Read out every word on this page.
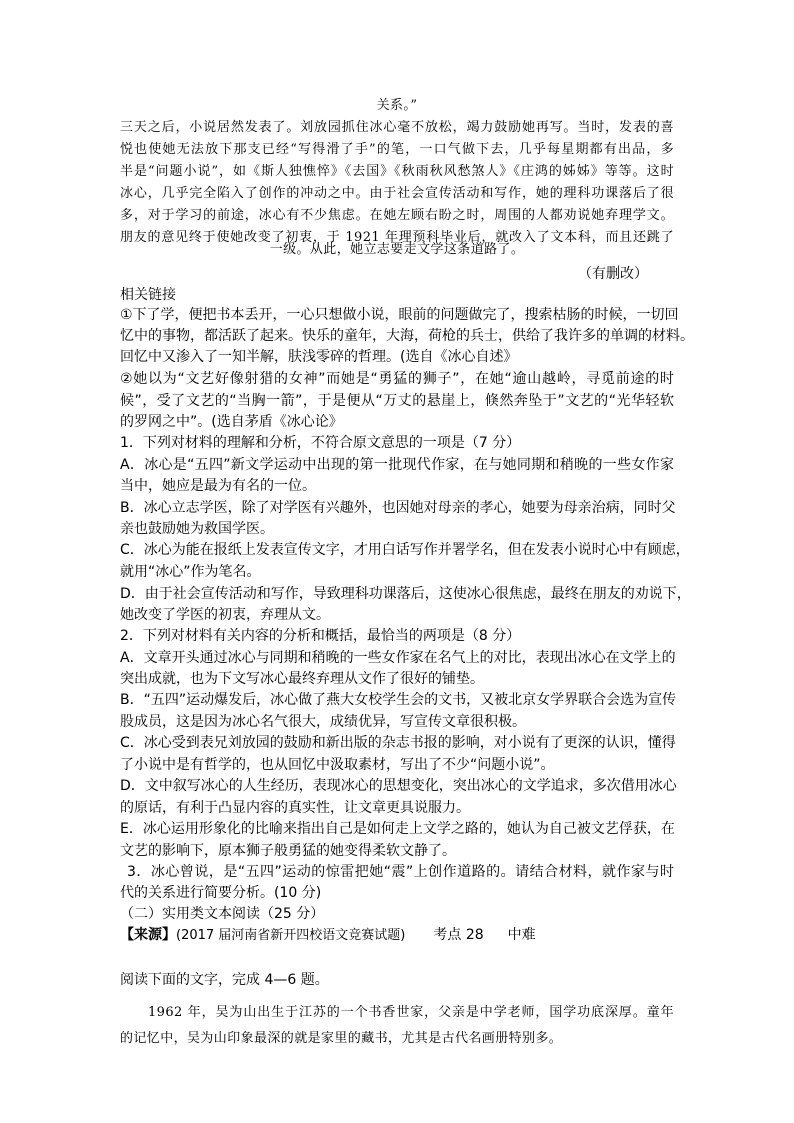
关系。”
三天之后，小说居然发表了。刘放园抓住冰心毫不放松，竭力鼓励她再写。当时，发表的喜
悦也使她无法放下那支已经“写得滑了手”的笔，一口气做下去，几乎每星期都有出品，多
半是“问题小说”，如《斯人独憔悴》《去国》《秋雨秋风愁煞人》《庄鸿的姊姊》等等。这时
冰心，几乎完全陷入了创作的冲动之中。由于社会宣传活动和写作，她的理科功课落后了很
多，对于学习的前途，冰心有不少焦虑。在她左顾右盼之时，周围的人都劝说她弃理学文。
朋友的意见终于使她改变了初衷，于 1921 年理预科毕业后，就改入了文本科，而且还跳了
一级。从此，她立志要走文学这条道路了。
（有删改）
相关链接
①下了学，便把书本丢开，一心只想做小说，眼前的问题做完了，搜索枯肠的时候，一切回
忆中的事物，都活跃了起来。快乐的童年，大海，荷枪的兵士，供给了我许多的单调的材料。
回忆中又渗入了一知半解，肤浅零碎的哲理。(选自《冰心自述》
②她以为“文艺好像射猎的女神”而她是“勇猛的狮子”，在她“逾山越岭，寻觅前途的时
候”，受了文艺的“当胸一箭”，于是便从“万丈的悬崖上，倏然奔坠于”文艺的“光华轻软
的罗网之中”。(选自茅盾《冰心论》
1．下列对材料的理解和分析，不符合原文意思的一项是（7 分）
A．冰心是“五四”新文学运动中出现的第一批现代作家，在与她同期和稍晚的一些女作家
当中，她应是最为有名的一位。
B．冰心立志学医，除了对学医有兴趣外，也因她对母亲的孝心，她要为母亲治病，同时父
亲也鼓励她为救国学医。
C．冰心为能在报纸上发表宣传文字，才用白话写作并署学名，但在发表小说时心中有顾虑，
就用“冰心”作为笔名。
D．由于社会宣传活动和写作，导致理科功课落后，这使冰心很焦虑，最终在朋友的劝说下，
她改变了学医的初衷，弃理从文。
2．下列对材料有关内容的分析和概括，最恰当的两项是（8 分）
A．文章开头通过冰心与同期和稍晚的一些女作家在名气上的对比，表现出冰心在文学上的
突出成就，也为下文写冰心最终弃理从文作了很好的铺垫。
B．“五四”运动爆发后，冰心做了燕大女校学生会的文书，又被北京女学界联合会选为宣传
股成员，这是因为冰心名气很大，成绩优异，写宣传文章很积极。
C．冰心受到表兄刘放园的鼓励和新出版的杂志书报的影响，对小说有了更深的认识，懂得
了小说中是有哲学的，也从回忆中汲取素材，写出了不少“问题小说”。
D．文中叙写冰心的人生经历，表现冰心的思想变化，突出冰心的文学追求，多次借用冰心
的原话，有利于凸显内容的真实性，让文章更具说服力。
E．冰心运用形象化的比喻来指出自己是如何走上文学之路的，她认为自己被文艺俘获，在
文艺的影响下，原本狮子般勇猛的她变得柔软文静了。
3．冰心曾说，是“五四”运动的惊雷把她“震”上创作道路的。请结合材料，就作家与时
代的关系进行简要分析。(10 分)
（二）实用类文本阅读（25 分）
【来源】(2017 届河南省新开四校语文竞赛试题) 考点 28 中难
阅读下面的文字，完成 4—6 题。
1962 年，吴为山出生于江苏的一个书香世家，父亲是中学老师，国学功底深厚。童年
的记忆中，吴为山印象最深的就是家里的藏书，尤其是古代名画册特别多。
